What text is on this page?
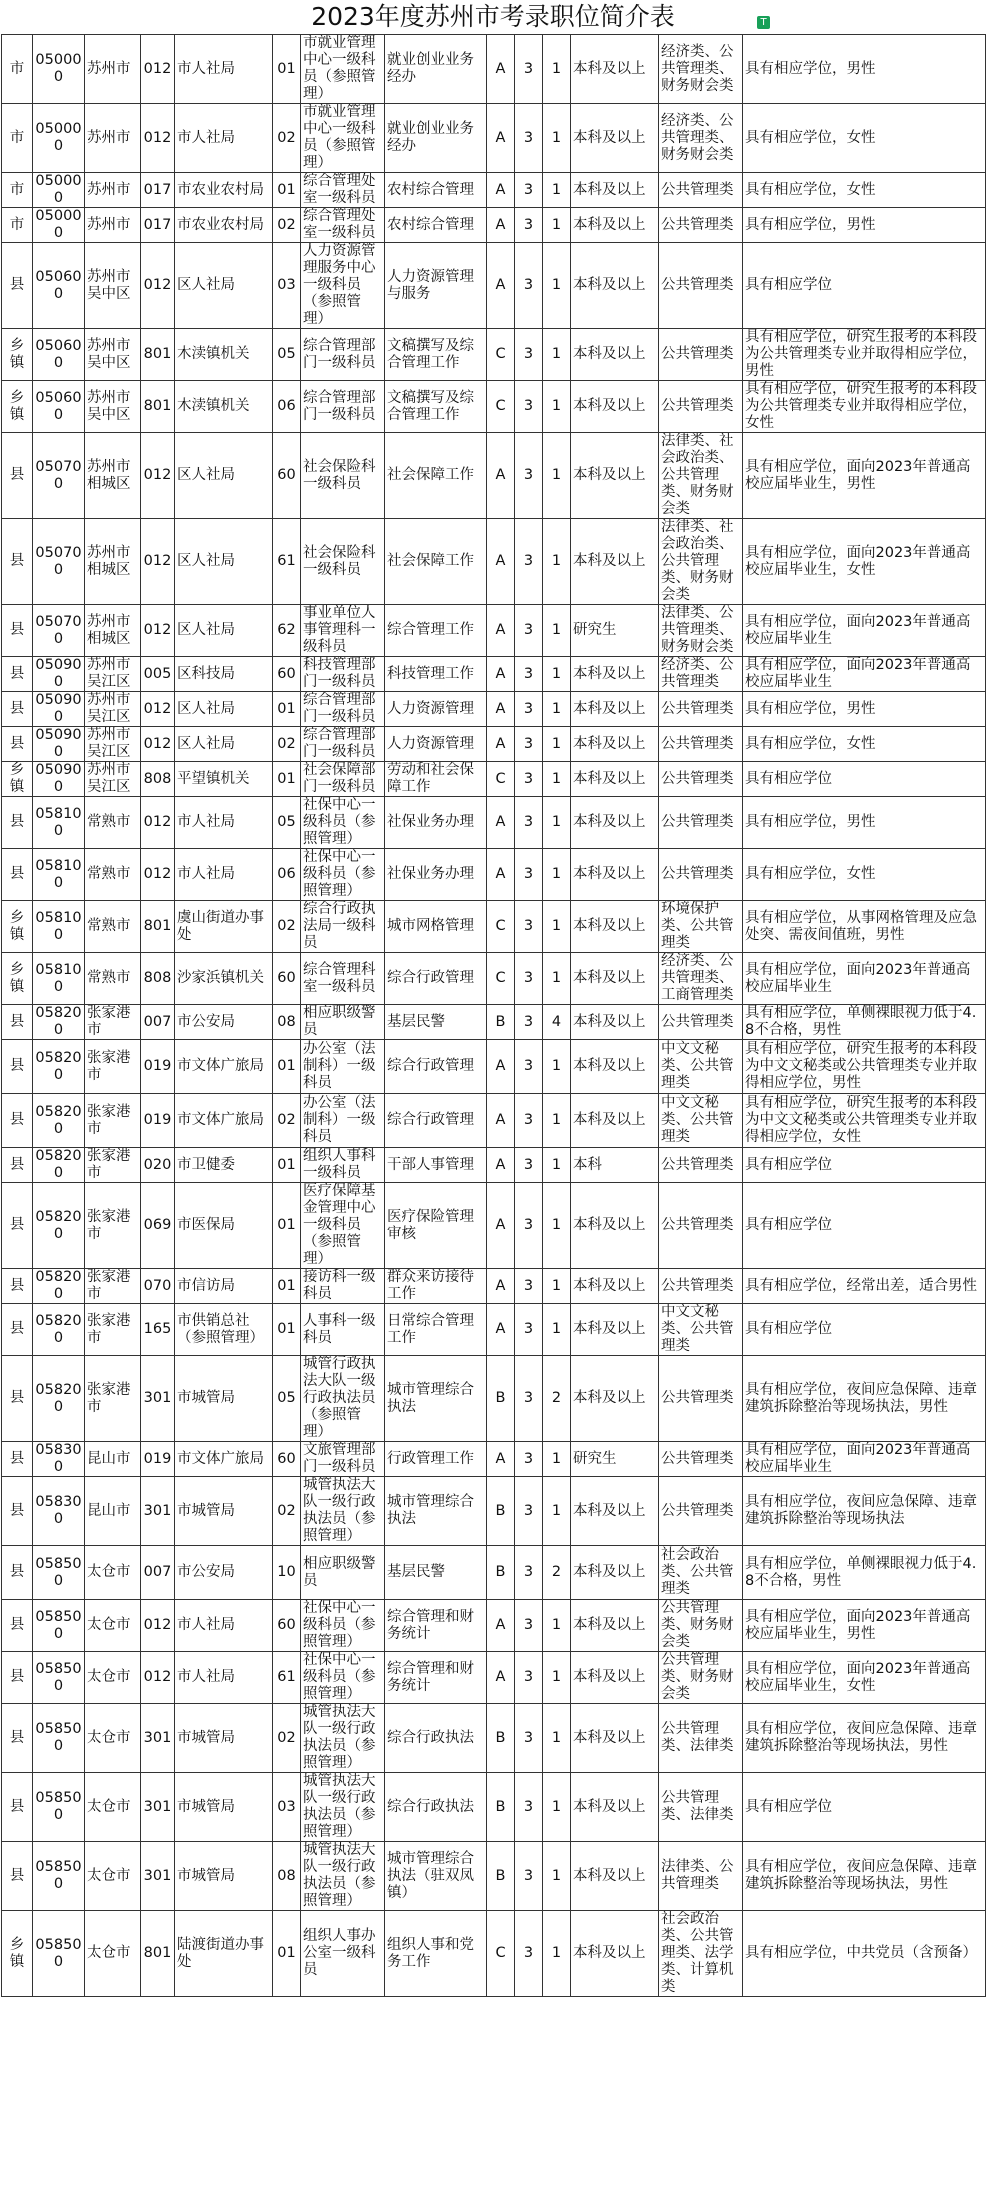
2023年度苏州市考录职位简介表	T
市	050000	苏州市	012	市人社局	01	市就业管理中心一级科员（参照管理）	就业创业业务经办	A	3	1	本科及以上	经济类、公共管理类、财务财会类	具有相应学位，男性
市	050000	苏州市	012	市人社局	02	市就业管理中心一级科员（参照管理）	就业创业业务经办	A	3	1	本科及以上	经济类、公共管理类、财务财会类	具有相应学位，女性
市	050000	苏州市	017	市农业农村局	01	综合管理处室一级科员	农村综合管理	A	3	1	本科及以上	公共管理类	具有相应学位，女性
市	050000	苏州市	017	市农业农村局	02	综合管理处室一级科员	农村综合管理	A	3	1	本科及以上	公共管理类	具有相应学位，男性
县	050600	苏州市吴中区	012	区人社局	03	人力资源管理服务中心一级科员（参照管理）	人力资源管理与服务	A	3	1	本科及以上	公共管理类	具有相应学位
乡镇	050600	苏州市吴中区	801	木渎镇机关	05	综合管理部门一级科员	文稿撰写及综合管理工作	C	3	1	本科及以上	公共管理类	具有相应学位，研究生报考的本科段为公共管理类专业并取得相应学位，男性
乡镇	050600	苏州市吴中区	801	木渎镇机关	06	综合管理部门一级科员	文稿撰写及综合管理工作	C	3	1	本科及以上	公共管理类	具有相应学位，研究生报考的本科段为公共管理类专业并取得相应学位，女性
县	050700	苏州市相城区	012	区人社局	60	社会保险科一级科员	社会保障工作	A	3	1	本科及以上	法律类、社会政治类、公共管理类、财务财会类	具有相应学位，面向2023年普通高校应届毕业生，男性
县	050700	苏州市相城区	012	区人社局	61	社会保险科一级科员	社会保障工作	A	3	1	本科及以上	法律类、社会政治类、公共管理类、财务财会类	具有相应学位，面向2023年普通高校应届毕业生，女性
县	050700	苏州市相城区	012	区人社局	62	事业单位人事管理科一级科员	综合管理工作	A	3	1	研究生	法律类、公共管理类、财务财会类	具有相应学位，面向2023年普通高校应届毕业生
县	050900	苏州市吴江区	005	区科技局	60	科技管理部门一级科员	科技管理工作	A	3	1	本科及以上	经济类、公共管理类	具有相应学位，面向2023年普通高校应届毕业生
县	050900	苏州市吴江区	012	区人社局	01	综合管理部门一级科员	人力资源管理	A	3	1	本科及以上	公共管理类	具有相应学位，男性
县	050900	苏州市吴江区	012	区人社局	02	综合管理部门一级科员	人力资源管理	A	3	1	本科及以上	公共管理类	具有相应学位，女性
乡镇	050900	苏州市吴江区	808	平望镇机关	01	社会保障部门一级科员	劳动和社会保障工作	C	3	1	本科及以上	公共管理类	具有相应学位
县	058100	常熟市	012	市人社局	05	社保中心一级科员（参照管理）	社保业务办理	A	3	1	本科及以上	公共管理类	具有相应学位，男性
县	058100	常熟市	012	市人社局	06	社保中心一级科员（参照管理）	社保业务办理	A	3	1	本科及以上	公共管理类	具有相应学位，女性
乡镇	058100	常熟市	801	虞山街道办事处	02	综合行政执法局一级科员	城市网格管理	C	3	1	本科及以上	环境保护类、公共管理类	具有相应学位，从事网格管理及应急处突、需夜间值班，男性
乡镇	058100	常熟市	808	沙家浜镇机关	60	综合管理科室一级科员	综合行政管理	C	3	1	本科及以上	经济类、公共管理类、工商管理类	具有相应学位，面向2023年普通高校应届毕业生
县	058200	张家港市	007	市公安局	08	相应职级警员	基层民警	B	3	4	本科及以上	公共管理类	具有相应学位，单侧裸眼视力低于4.8不合格，男性
县	058200	张家港市	019	市文体广旅局	01	办公室（法制科）一级科员	综合行政管理	A	3	1	本科及以上	中文文秘类、公共管理类	具有相应学位，研究生报考的本科段为中文文秘类或公共管理类专业并取得相应学位，男性
县	058200	张家港市	019	市文体广旅局	02	办公室（法制科）一级科员	综合行政管理	A	3	1	本科及以上	中文文秘类、公共管理类	具有相应学位，研究生报考的本科段为中文文秘类或公共管理类专业并取得相应学位，女性
县	058200	张家港市	020	市卫健委	01	组织人事科一级科员	干部人事管理	A	3	1	本科	公共管理类	具有相应学位
县	058200	张家港市	069	市医保局	01	医疗保障基金管理中心一级科员（参照管理）	医疗保险管理审核	A	3	1	本科及以上	公共管理类	具有相应学位
县	058200	张家港市	070	市信访局	01	接访科一级科员	群众来访接待工作	A	3	1	本科及以上	公共管理类	具有相应学位，经常出差，适合男性
县	058200	张家港市	165	市供销总社（参照管理）	01	人事科一级科员	日常综合管理工作	A	3	1	本科及以上	中文文秘类、公共管理类	具有相应学位
县	058200	张家港市	301	市城管局	05	城管行政执法大队一级行政执法员（参照管理）	城市管理综合执法	B	3	2	本科及以上	公共管理类	具有相应学位，夜间应急保障、违章建筑拆除整治等现场执法，男性
县	058300	昆山市	019	市文体广旅局	60	文旅管理部门一级科员	行政管理工作	A	3	1	研究生	公共管理类	具有相应学位，面向2023年普通高校应届毕业生
县	058300	昆山市	301	市城管局	02	城管执法大队一级行政执法员（参照管理）	城市管理综合执法	B	3	1	本科及以上	公共管理类	具有相应学位，夜间应急保障、违章建筑拆除整治等现场执法
县	058500	太仓市	007	市公安局	10	相应职级警员	基层民警	B	3	2	本科及以上	社会政治类、公共管理类	具有相应学位，单侧裸眼视力低于4.8不合格，男性
县	058500	太仓市	012	市人社局	60	社保中心一级科员（参照管理）	综合管理和财务统计	A	3	1	本科及以上	公共管理类、财务财会类	具有相应学位，面向2023年普通高校应届毕业生，男性
县	058500	太仓市	012	市人社局	61	社保中心一级科员（参照管理）	综合管理和财务统计	A	3	1	本科及以上	公共管理类、财务财会类	具有相应学位，面向2023年普通高校应届毕业生，女性
县	058500	太仓市	301	市城管局	02	城管执法大队一级行政执法员（参照管理）	综合行政执法	B	3	1	本科及以上	公共管理类、法律类	具有相应学位，夜间应急保障、违章建筑拆除整治等现场执法，男性
县	058500	太仓市	301	市城管局	03	城管执法大队一级行政执法员（参照管理）	综合行政执法	B	3	1	本科及以上	公共管理类、法律类	具有相应学位
县	058500	太仓市	301	市城管局	08	城管执法大队一级行政执法员（参照管理）	城市管理综合执法（驻双凤镇）	B	3	1	本科及以上	法律类、公共管理类	具有相应学位，夜间应急保障、违章建筑拆除整治等现场执法，男性
乡镇	058500	太仓市	801	陆渡街道办事处	01	组织人事办公室一级科员	组织人事和党务工作	C	3	1	本科及以上	社会政治类、公共管理类、法学类、计算机类	具有相应学位，中共党员（含预备）
